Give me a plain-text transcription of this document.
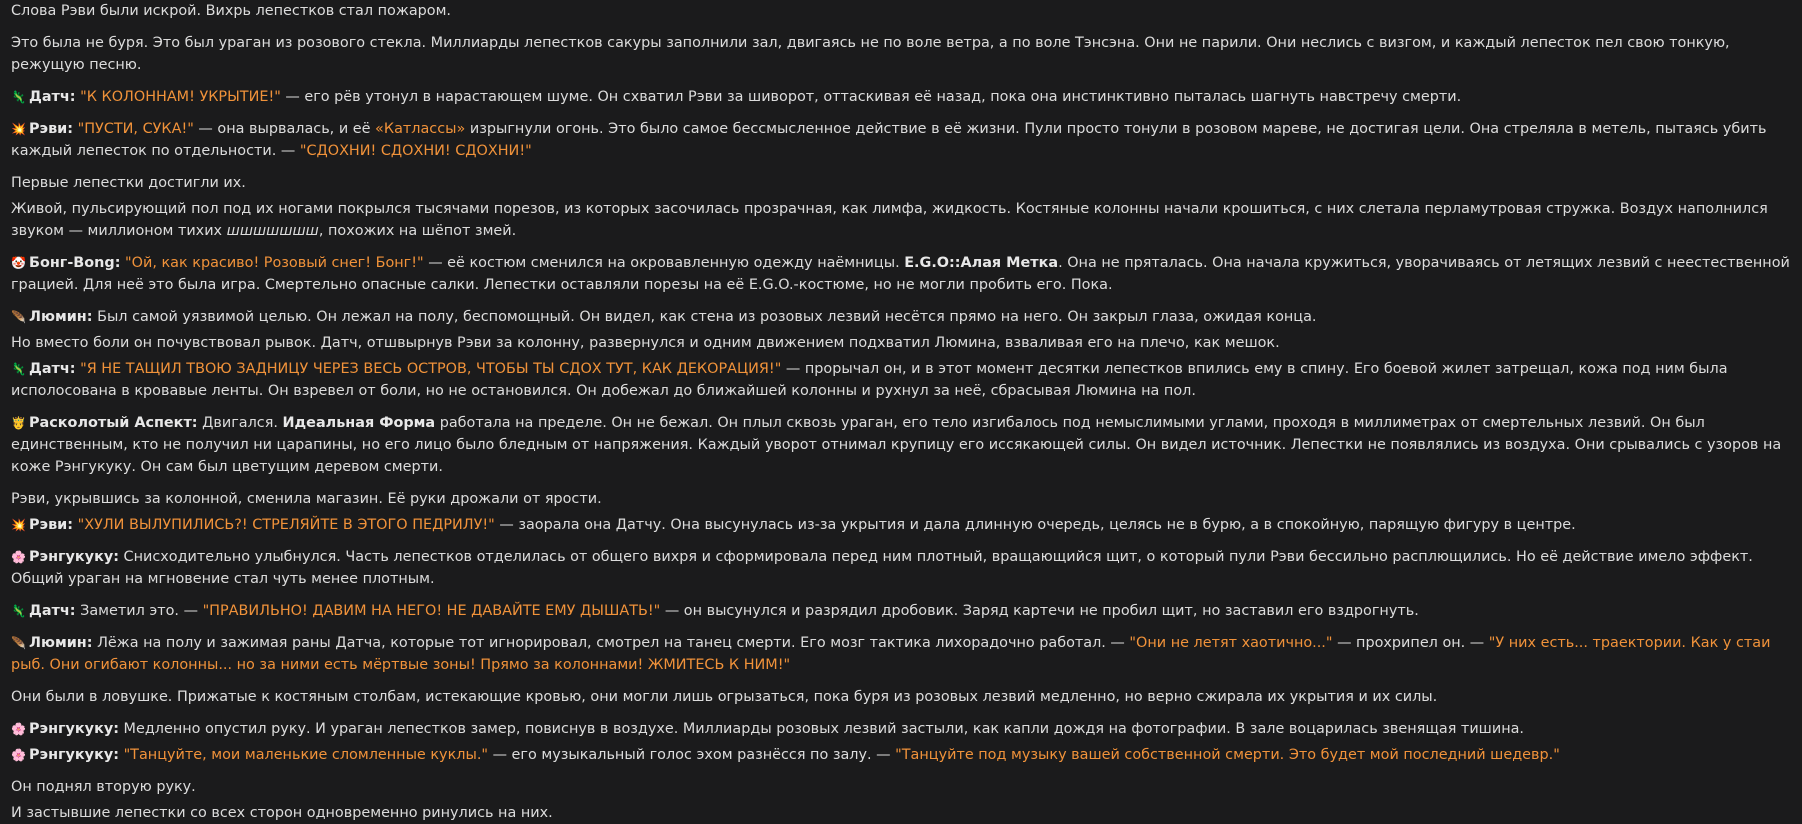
Слова Рэви были искрой. Вихрь лепестков стал пожаром.

Это была не буря. Это был ураган из розового стекла. Миллиарды лепестков сакуры заполнили зал, двигаясь не по воле ветра, а по воле Тэнсэна. Они не парили. Они неслись с визгом, и каждый лепесток пел свою тонкую, режущую песню.

🦎 Датч: "К КОЛОННАМ! УКРЫТИЕ!" — его рёв утонул в нарастающем шуме. Он схватил Рэви за шиворот, оттаскивая её назад, пока она инстинктивно пыталась шагнуть навстречу смерти.

💥 Рэви: "ПУСТИ, СУКА!" — она вырвалась, и её «Катлассы» изрыгнули огонь. Это было самое бессмысленное действие в её жизни. Пули просто тонули в розовом мареве, не достигая цели. Она стреляла в метель, пытаясь убить каждый лепесток по отдельности. — "СДОХНИ! СДОХНИ! СДОХНИ!"

Первые лепестки достигли их.

Живой, пульсирующий пол под их ногами покрылся тысячами порезов, из которых засочилась прозрачная, как лимфа, жидкость. Костяные колонны начали крошиться, с них слетала перламутровая стружка. Воздух наполнился звуком — миллионом тихих шшшшшшш, похожих на шёпот змей.

🤡 Бонг-Bong: "Ой, как красиво! Розовый снег! Бонг!" — её костюм сменился на окровавленную одежду наёмницы. E.G.O::Алая Метка. Она не пряталась. Она начала кружиться, уворачиваясь от летящих лезвий с неестественной грацией. Для неё это была игра. Смертельно опасные салки. Лепестки оставляли порезы на её E.G.O.-костюме, но не могли пробить его. Пока.

🪶 Люмин: Был самой уязвимой целью. Он лежал на полу, беспомощный. Он видел, как стена из розовых лезвий несётся прямо на него. Он закрыл глаза, ожидая конца.

Но вместо боли он почувствовал рывок. Датч, отшвырнув Рэви за колонну, развернулся и одним движением подхватил Люмина, взваливая его на плечо, как мешок.

🦎 Датч: "Я НЕ ТАЩИЛ ТВОЮ ЗАДНИЦУ ЧЕРЕЗ ВЕСЬ ОСТРОВ, ЧТОБЫ ТЫ СДОХ ТУТ, КАК ДЕКОРАЦИЯ!" — прорычал он, и в этот момент десятки лепестков впились ему в спину. Его боевой жилет затрещал, кожа под ним была исполосована в кровавые ленты. Он взревел от боли, но не остановился. Он добежал до ближайшей колонны и рухнул за неё, сбрасывая Люмина на пол.

🤴 Расколотый Аспект: Двигался. Идеальная Форма работала на пределе. Он не бежал. Он плыл сквозь ураган, его тело изгибалось под немыслимыми углами, проходя в миллиметрах от смертельных лезвий. Он был единственным, кто не получил ни царапины, но его лицо было бледным от напряжения. Каждый уворот отнимал крупицу его иссякающей силы. Он видел источник. Лепестки не появлялись из воздуха. Они срывались с узоров на коже Рэнгукуку. Он сам был цветущим деревом смерти.

Рэви, укрывшись за колонной, сменила магазин. Её руки дрожали от ярости.

💥 Рэви: "ХУЛИ ВЫЛУПИЛИСЬ?! СТРЕЛЯЙТЕ В ЭТОГО ПЕДРИЛУ!" — заорала она Датчу. Она высунулась из-за укрытия и дала длинную очередь, целясь не в бурю, а в спокойную, парящую фигуру в центре.

🌸 Рэнгукуку: Снисходительно улыбнулся. Часть лепестков отделилась от общего вихря и сформировала перед ним плотный, вращающийся щит, о который пули Рэви бессильно расплющились. Но её действие имело эффект. Общий ураган на мгновение стал чуть менее плотным.

🦎 Датч: Заметил это. — "ПРАВИЛЬНО! ДАВИМ НА НЕГО! НЕ ДАВАЙТЕ ЕМУ ДЫШАТЬ!" — он высунулся и разрядил дробовик. Заряд картечи не пробил щит, но заставил его вздрогнуть.

🪶 Люмин: Лёжа на полу и зажимая раны Датча, которые тот игнорировал, смотрел на танец смерти. Его мозг тактика лихорадочно работал. — "Они не летят хаотично..." — прохрипел он. — "У них есть... траектории. Как у стаи рыб. Они огибают колонны... но за ними есть мёртвые зоны! Прямо за колоннами! ЖМИТЕСЬ К НИМ!"

Они были в ловушке. Прижатые к костяным столбам, истекающие кровью, они могли лишь огрызаться, пока буря из розовых лезвий медленно, но верно сжирала их укрытия и их силы.

🌸 Рэнгукуку: Медленно опустил руку. И ураган лепестков замер, повиснув в воздухе. Миллиарды розовых лезвий застыли, как капли дождя на фотографии. В зале воцарилась звенящая тишина.

🌸 Рэнгукуку: "Танцуйте, мои маленькие сломленные куклы." — его музыкальный голос эхом разнёсся по залу. — "Танцуйте под музыку вашей собственной смерти. Это будет мой последний шедевр."

Он поднял вторую руку.

И застывшие лепестки со всех сторон одновременно ринулись на них.
